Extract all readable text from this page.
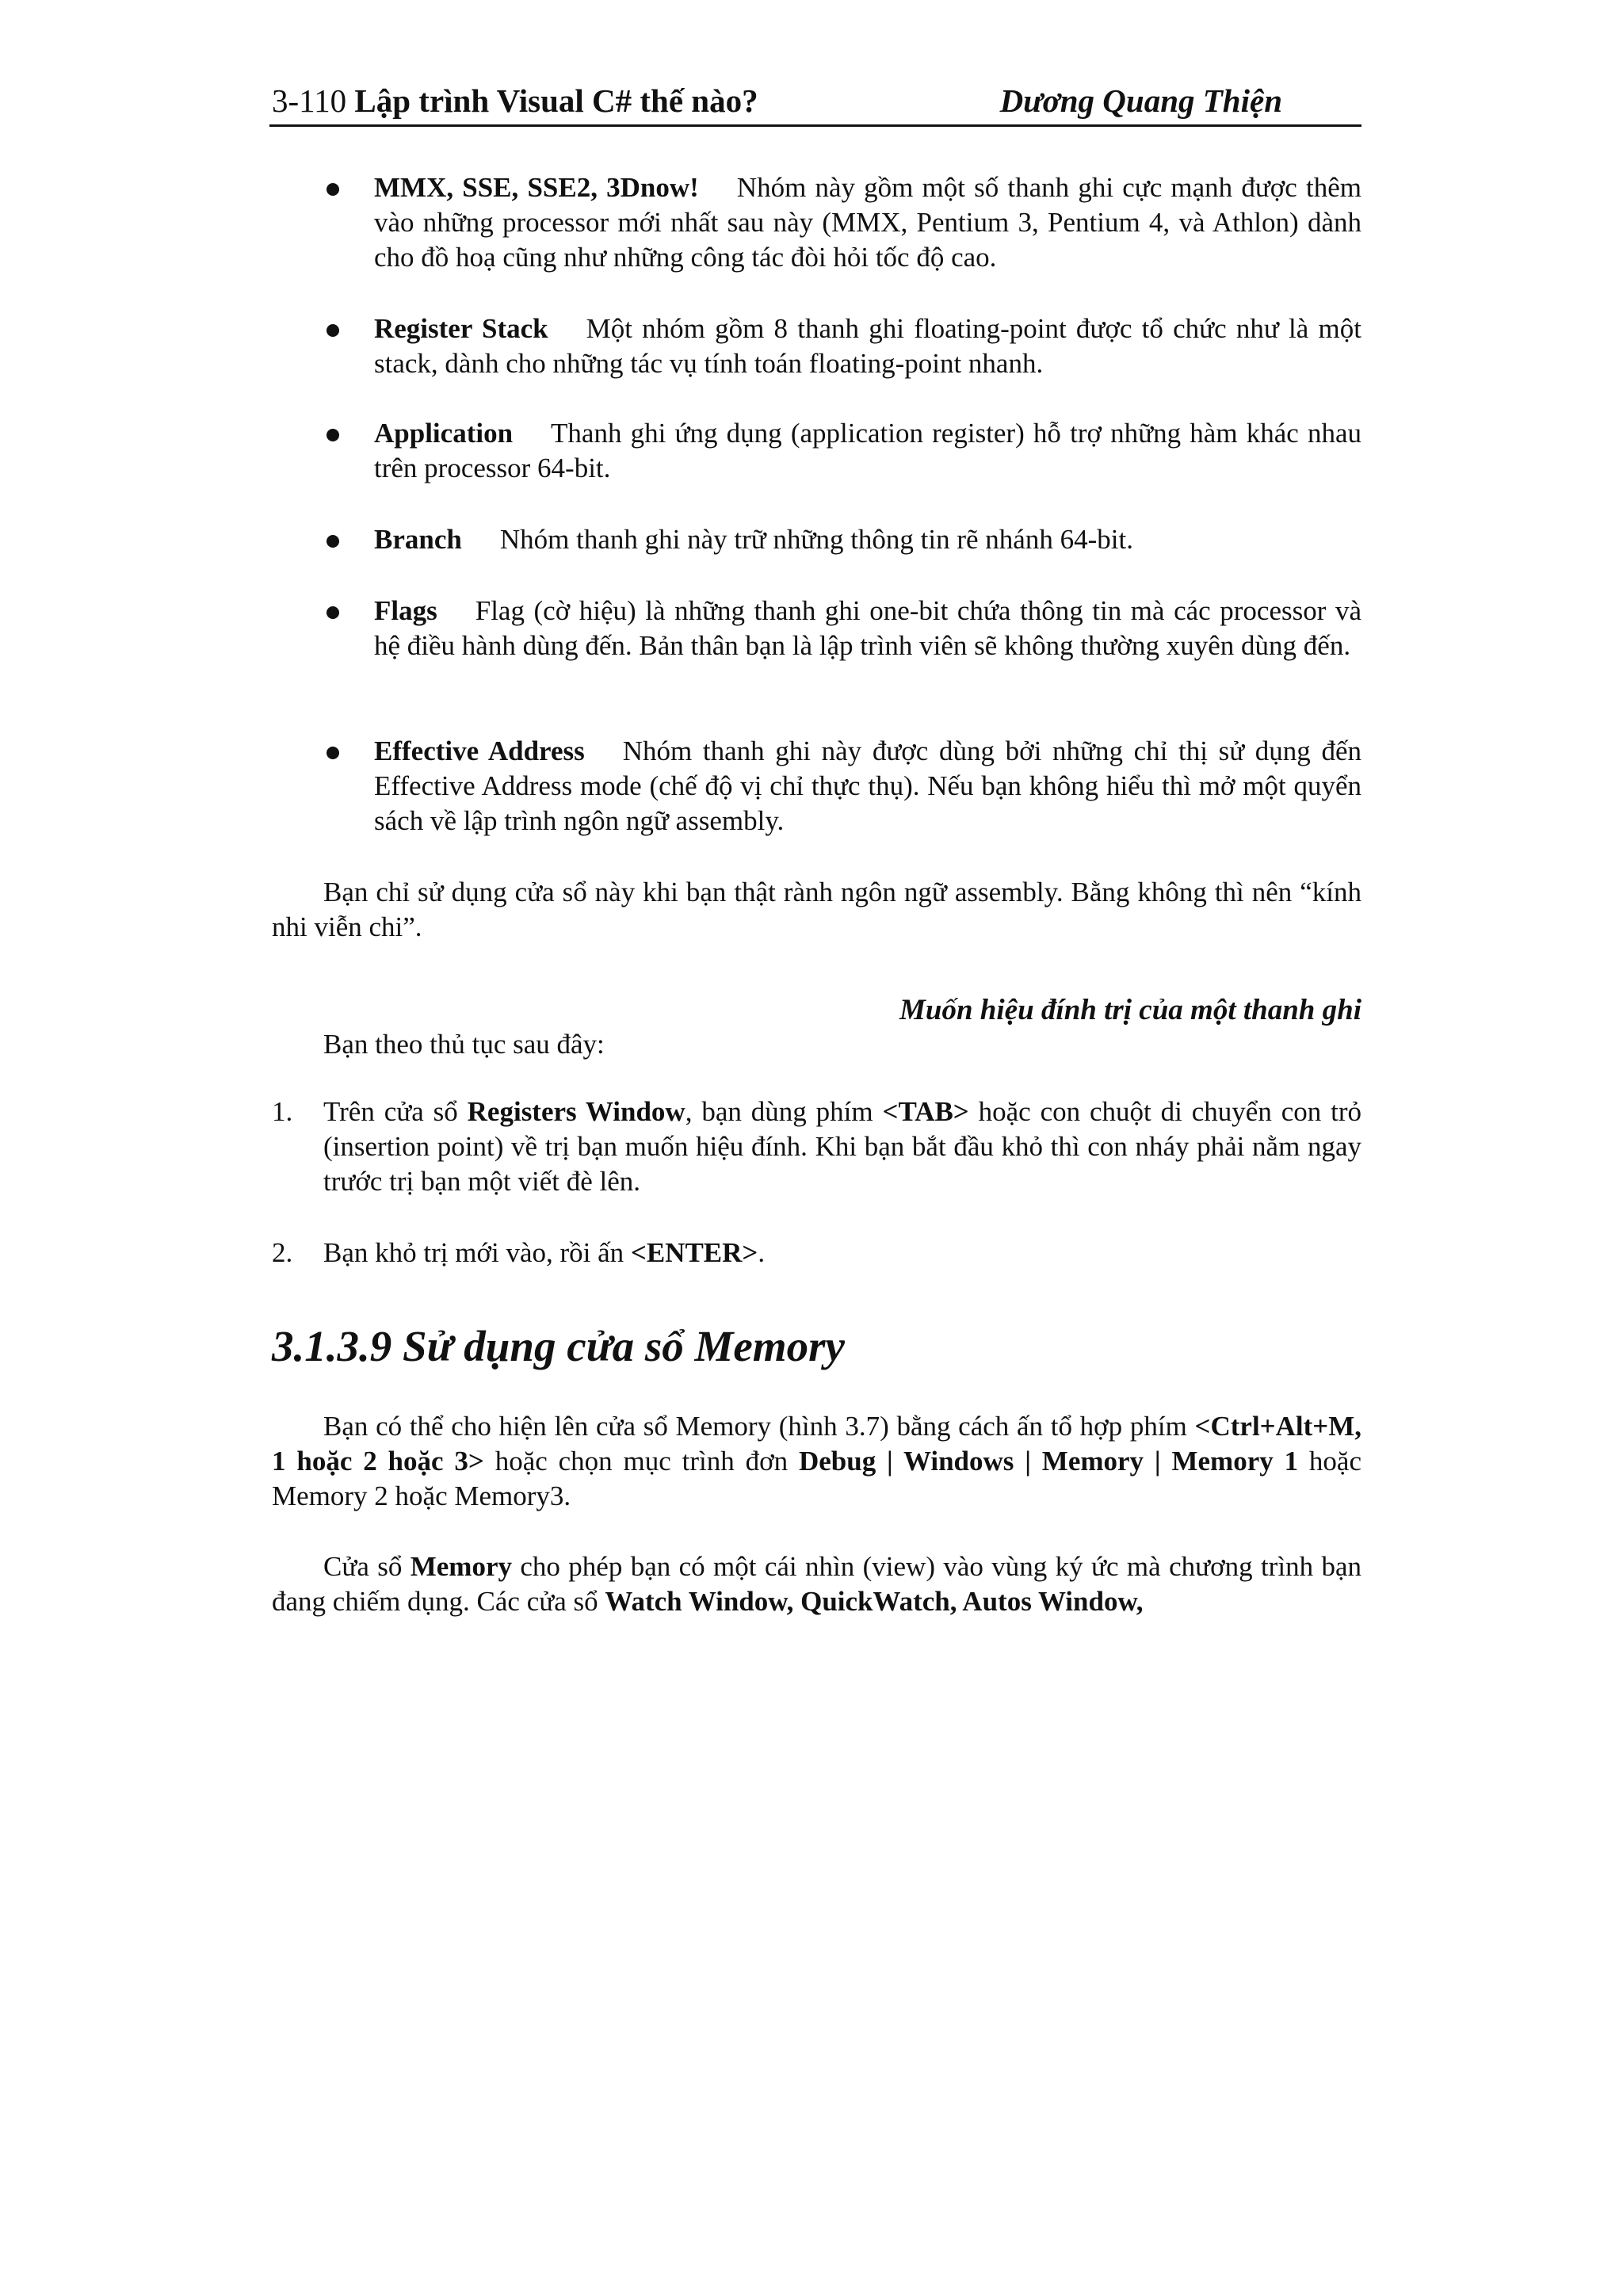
3-110 Lập trình Visual C# thế nào?	Dương Quang Thiện

MMX, SSE, SSE2, 3Dnow! Nhóm này gồm một số thanh ghi cực mạnh được thêm vào những processor mới nhất sau này (MMX, Pentium 3, Pentium 4, và Athlon) dành cho đồ hoạ cũng như những công tác đòi hỏi tốc độ cao.

Register Stack Một nhóm gồm 8 thanh ghi floating-point được tổ chức như là một stack, dành cho những tác vụ tính toán floating-point nhanh.

Application Thanh ghi ứng dụng (application register) hỗ trợ những hàm khác nhau trên processor 64-bit.

Branch Nhóm thanh ghi này trữ những thông tin rẽ nhánh 64-bit.

Flags Flag (cờ hiệu) là những thanh ghi one-bit chứa thông tin mà các processor và hệ điều hành dùng đến. Bản thân bạn là lập trình viên sẽ không thường xuyên dùng đến.

Effective Address Nhóm thanh ghi này được dùng bởi những chỉ thị sử dụng đến Effective Address mode (chế độ vị chỉ thực thụ). Nếu bạn không hiểu thì mở một quyển sách về lập trình ngôn ngữ assembly.

Bạn chỉ sử dụng cửa sổ này khi bạn thật rành ngôn ngữ assembly. Bằng không thì nên “kính nhi viễn chi”.

Muốn hiệu đính trị của một thanh ghi

Bạn theo thủ tục sau đây:

1. Trên cửa sổ Registers Window, bạn dùng phím <TAB> hoặc con chuột di chuyển con trỏ (insertion point) về trị bạn muốn hiệu đính. Khi bạn bắt đầu khỏ thì con nháy phải nằm ngay trước trị bạn một viết đè lên.

2. Bạn khỏ trị mới vào, rồi ấn <ENTER>.

3.1.3.9 Sử dụng cửa sổ Memory

Bạn có thể cho hiện lên cửa sổ Memory (hình 3.7) bằng cách ấn tổ hợp phím <Ctrl+Alt+M, 1 hoặc 2 hoặc 3> hoặc chọn mục trình đơn Debug | Windows | Memory | Memory 1 hoặc Memory 2 hoặc Memory3.

Cửa sổ Memory cho phép bạn có một cái nhìn (view) vào vùng ký ức mà chương trình bạn đang chiếm dụng. Các cửa sổ Watch Window, QuickWatch, Autos Window,
